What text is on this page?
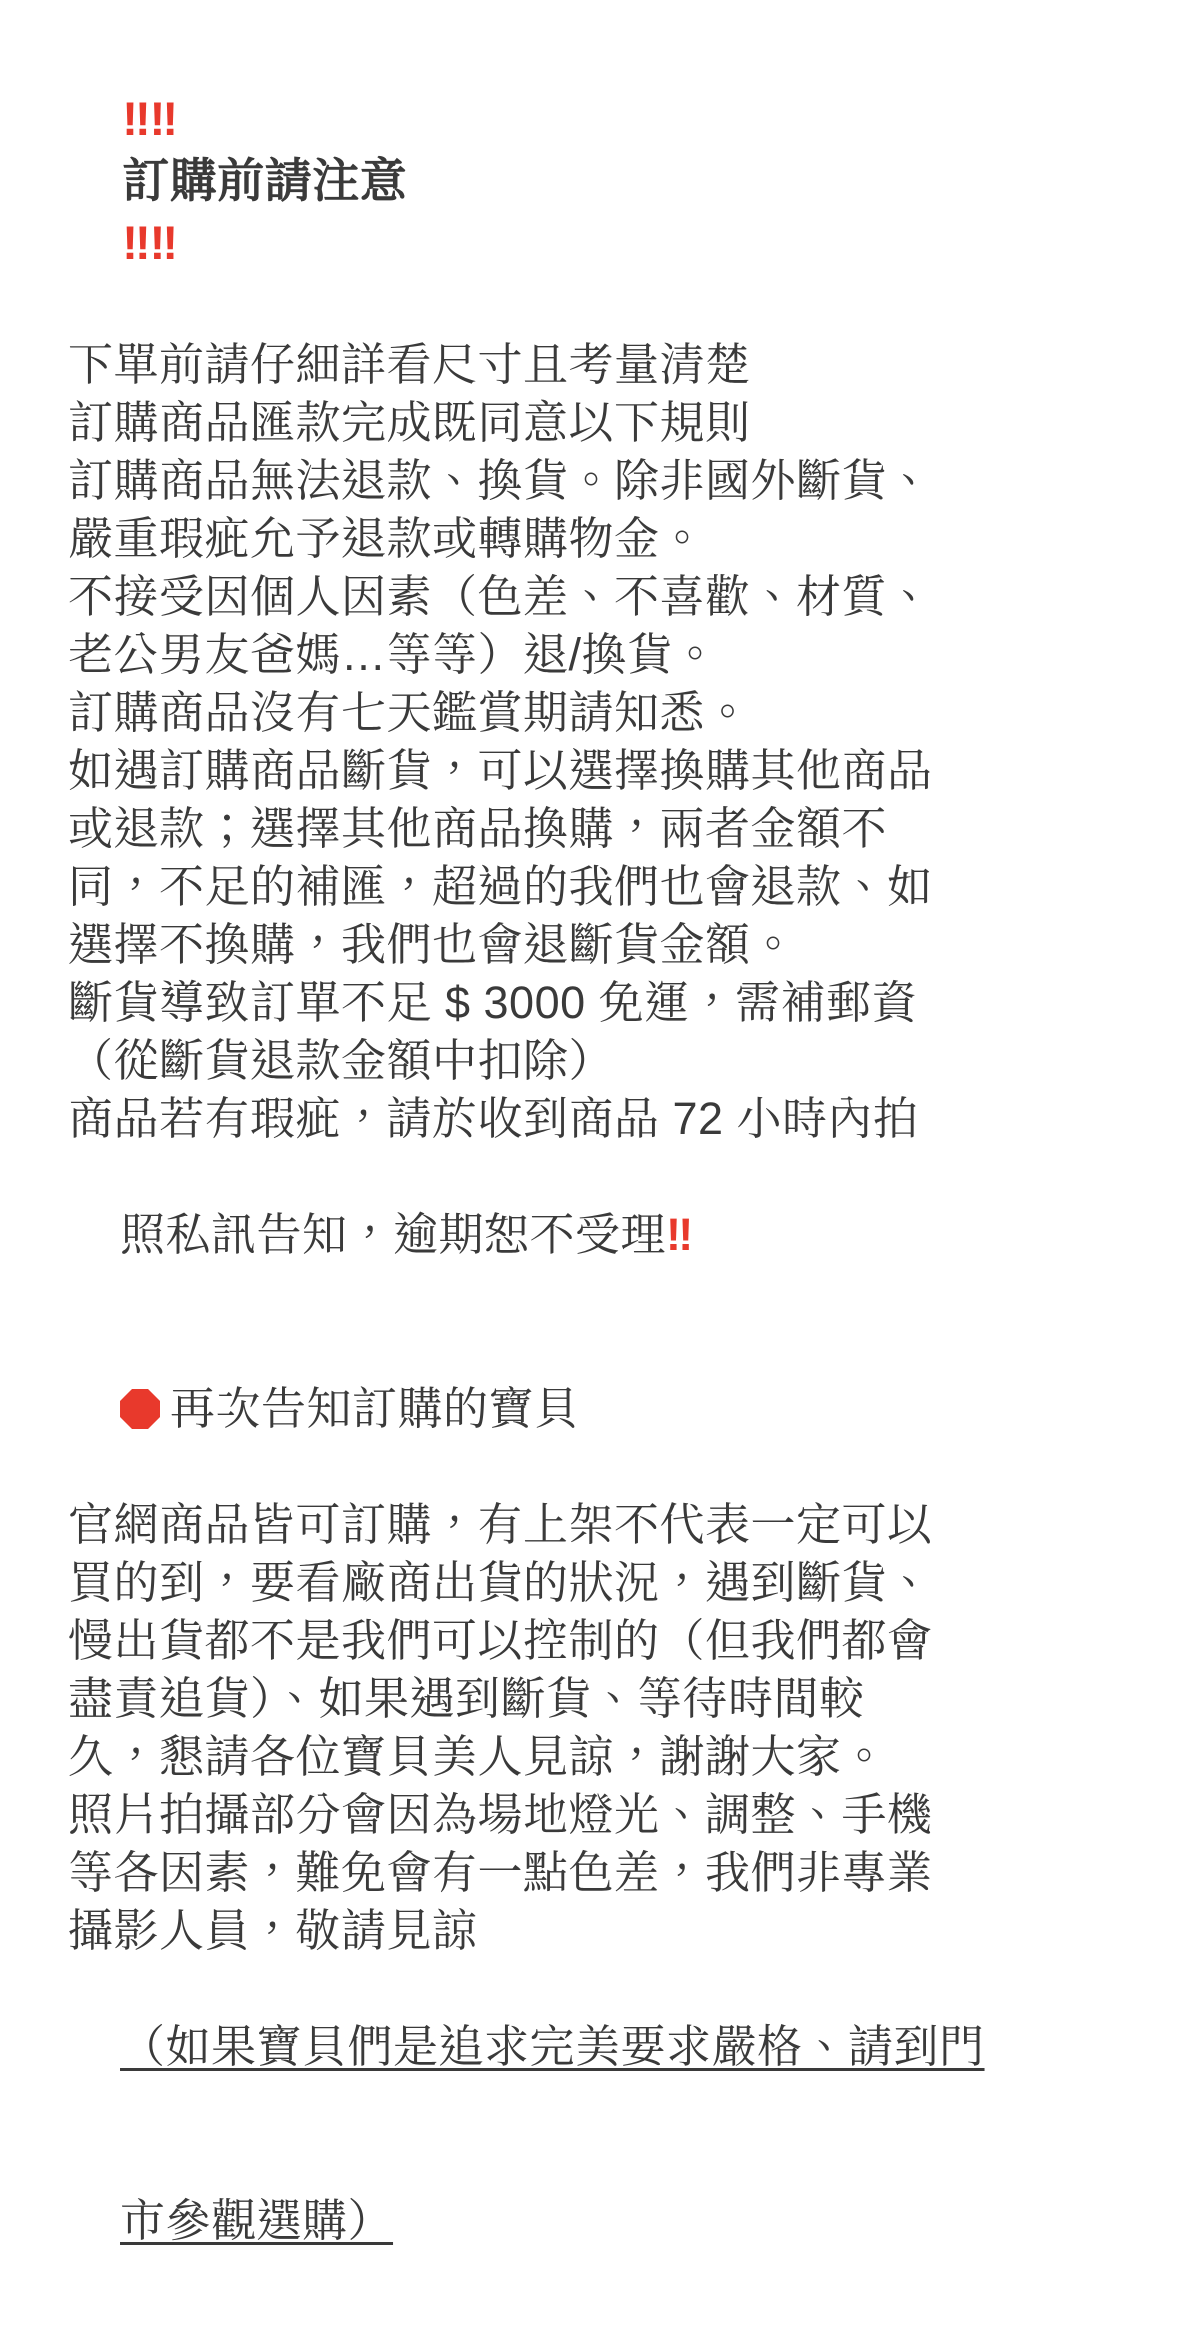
‼‼
訂購前請注意
‼‼

下單前請仔細詳看尺寸且考量清楚
訂購商品匯款完成既同意以下規則
訂購商品無法退款、換貨。除非國外斷貨、
嚴重瑕疵允予退款或轉購物金。
不接受因個人因素（色差、不喜歡、材質、
老公男友爸媽…等等）退/換貨。
訂購商品沒有七天鑑賞期請知悉。
如遇訂購商品斷貨，可以選擇換購其他商品
或退款；選擇其他商品換購，兩者金額不
同，不足的補匯，超過的我們也會退款、如
選擇不換購，我們也會退斷貨金額。
斷貨導致訂單不足 $ 3000 免運，需補郵資
（從斷貨退款金額中扣除）
商品若有瑕疵，請於收到商品 72 小時內拍

照私訊告知，逾期恕不受理‼

再次告知訂購的寶貝

官網商品皆可訂購，有上架不代表一定可以
買的到，要看廠商出貨的狀況，遇到斷貨、
慢出貨都不是我們可以控制的（但我們都會
盡責追貨）、如果遇到斷貨、等待時間較
久，懇請各位寶貝美人見諒，謝謝大家。
照片拍攝部分會因為場地燈光、調整、手機
等各因素，難免會有一點色差，我們非專業
攝影人員，敬請見諒

（如果寶貝們是追求完美要求嚴格、請到門

市參觀選購）
